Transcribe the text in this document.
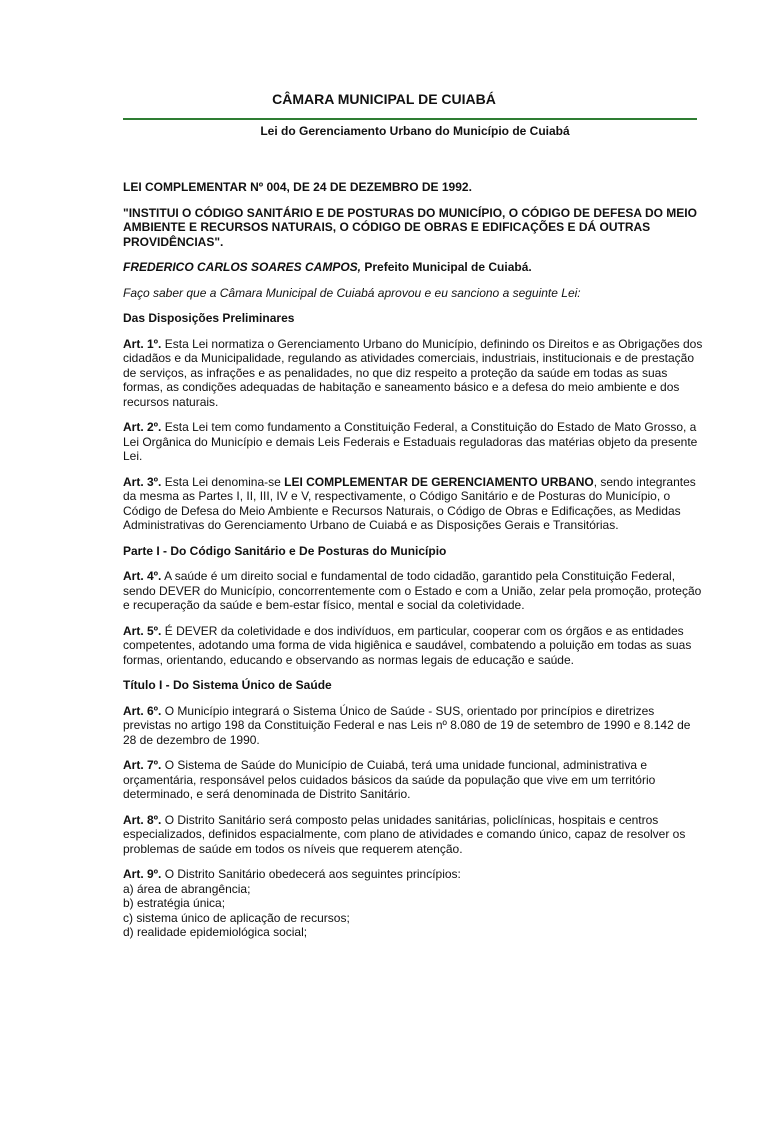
CÂMARA MUNICIPAL DE CUIABÁ
Lei do Gerenciamento Urbano do Município de Cuiabá

LEI COMPLEMENTAR Nº 004, DE 24 DE DEZEMBRO DE 1992.

"INSTITUI O CÓDIGO SANITÁRIO E DE POSTURAS DO MUNICÍPIO, O CÓDIGO DE DEFESA DO MEIO AMBIENTE E RECURSOS NATURAIS, O CÓDIGO DE OBRAS E EDIFICAÇÕES E DÁ OUTRAS PROVIDÊNCIAS".

FREDERICO CARLOS SOARES CAMPOS, Prefeito Municipal de Cuiabá.

Faço saber que a Câmara Municipal de Cuiabá aprovou e eu sanciono a seguinte Lei:

Das Disposições Preliminares

Art. 1º. Esta Lei normatiza o Gerenciamento Urbano do Município, definindo os Direitos e as Obrigações dos cidadãos e da Municipalidade, regulando as atividades comerciais, industriais, institucionais e de prestação de serviços, as infrações e as penalidades, no que diz respeito a proteção da saúde em todas as suas formas, as condições adequadas de habitação e saneamento básico e a defesa do meio ambiente e dos recursos naturais.

Art. 2º. Esta Lei tem como fundamento a Constituição Federal, a Constituição do Estado de Mato Grosso, a Lei Orgânica do Município e demais Leis Federais e Estaduais reguladoras das matérias objeto da presente Lei.

Art. 3º. Esta Lei denomina-se LEI COMPLEMENTAR DE GERENCIAMENTO URBANO, sendo integrantes da mesma as Partes I, II, III, IV e V, respectivamente, o Código Sanitário e de Posturas do Município, o Código de Defesa do Meio Ambiente e Recursos Naturais, o Código de Obras e Edificações, as Medidas Administrativas do Gerenciamento Urbano de Cuiabá e as Disposições Gerais e Transitórias.

Parte I - Do Código Sanitário e De Posturas do Município

Art. 4º. A saúde é um direito social e fundamental de todo cidadão, garantido pela Constituição Federal, sendo DEVER do Município, concorrentemente com o Estado e com a União, zelar pela promoção, proteção e recuperação da saúde e bem-estar físico, mental e social da coletividade.

Art. 5º. É DEVER da coletividade e dos indivíduos, em particular, cooperar com os órgãos e as entidades competentes, adotando uma forma de vida higiênica e saudável, combatendo a poluição em todas as suas formas, orientando, educando e observando as normas legais de educação e saúde.

Título I - Do Sistema Único de Saúde

Art. 6º. O Município integrará o Sistema Único de Saúde - SUS, orientado por princípios e diretrizes previstas no artigo 198 da Constituição Federal e nas Leis nº 8.080 de 19 de setembro de 1990 e 8.142 de 28 de dezembro de 1990.

Art. 7º. O Sistema de Saúde do Município de Cuiabá, terá uma unidade funcional, administrativa e orçamentária, responsável pelos cuidados básicos da saúde da população que vive em um território determinado, e será denominada de Distrito Sanitário.

Art. 8º. O Distrito Sanitário será composto pelas unidades sanitárias, policlínicas, hospitais e centros especializados, definidos espacialmente, com plano de atividades e comando único, capaz de resolver os problemas de saúde em todos os níveis que requerem atenção.

Art. 9º. O Distrito Sanitário obedecerá aos seguintes princípios:
a) área de abrangência;
b) estratégia única;
c) sistema único de aplicação de recursos;
d) realidade epidemiológica social;
